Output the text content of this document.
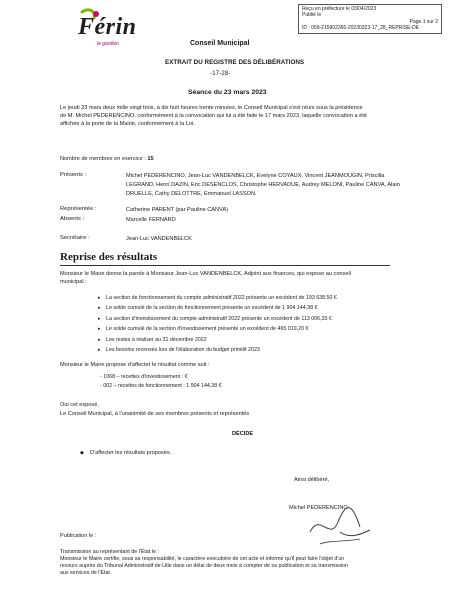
Reçu en préfecture le 03/04/2023
Publié le
Page 1 sur 2
ID : 059-215902366-20230323-17_28_REPRISE-DE
Férin
le gardien	Conseil Municipal
EXTRAIT DU REGISTRE DES DÉLIBÉRATIONS
-17-28-
Séance du 23 mars 2023
Le jeudi 23 mars deux mille vingt trois, à dix huit heures trente minutes, le Conseil Municipal s'est réuni sous la présidence
de M. Michel PEDERENCINO, conformément à la convocation qui lui a été faite le 17 mars 2023, laquelle convocation a été
affichée à la porte de la Mairie, conformément à la Loi.
Nombre de membres en exercice : 15
Présents :	Michel PEDERENCINO, Jean-Luc VANDENBELCK, Evelyne COYAUX, Vincent JEANMOUGIN, Priscilla
LEGRAND, Henri DAZIN, Eric DESENCLOS, Christophe HERVADUE, Audrey MELONI, Pauline CANVA, Alain
DRUELLE, Cathy DELOTTRE, Emmanuel LASSON.
Représentée :	Catherine PARENT (par Pauline CANVA)
Absents :	Marcelle FERNARD
Secrétaire :	Jean-Luc VANDENBELCK
Reprise des résultats
Monsieur le Maire donne la parole à Monsieur Jean-Luc VANDENBELCK, Adjoint aux finances, qui expose au conseil
municipal :
▸ La section de fonctionnement du compte administratif 2022 présente un excédent de 193 638,50 €
▸ Le solde cumulé de la section de fonctionnement présente un excédent de 1 904 144,38 €
▸ La section d'investissement du compte administratif 2022 présente un excédent de 113 006,33 €
▸ Le solde cumulé de la section d'investissement présente un excédent de 465 019,20 €
▸ Les restes à réaliser au 31 décembre 2022
▸ Les besoins recensés lors de l'élaboration du budget primitif 2023
Monsieur le Maire propose d'affecter le résultat comme suit :
- 1068 – recettes d'investissement : €
- 002 – recettes de fonctionnement : 1 904 144,38 €
Oui cet exposé,
Le Conseil Municipal, à l'unanimité de ses membres présents et représentés
DÉCIDE
◆ D'affecter les résultats proposés.
Ainsi délibéré,
Michel PEDERENCINO
Publication le :
Transmission au représentant de l'État le :
Monsieur le Maire certifie, sous sa responsabilité, le caractère exécutoire de cet acte et informe qu'il peut faire l'objet d'un
recours auprès du Tribunal Administratif de Lille dans un délai de deux mois à compter de sa publication et sa transmission
aux services de l'État.
